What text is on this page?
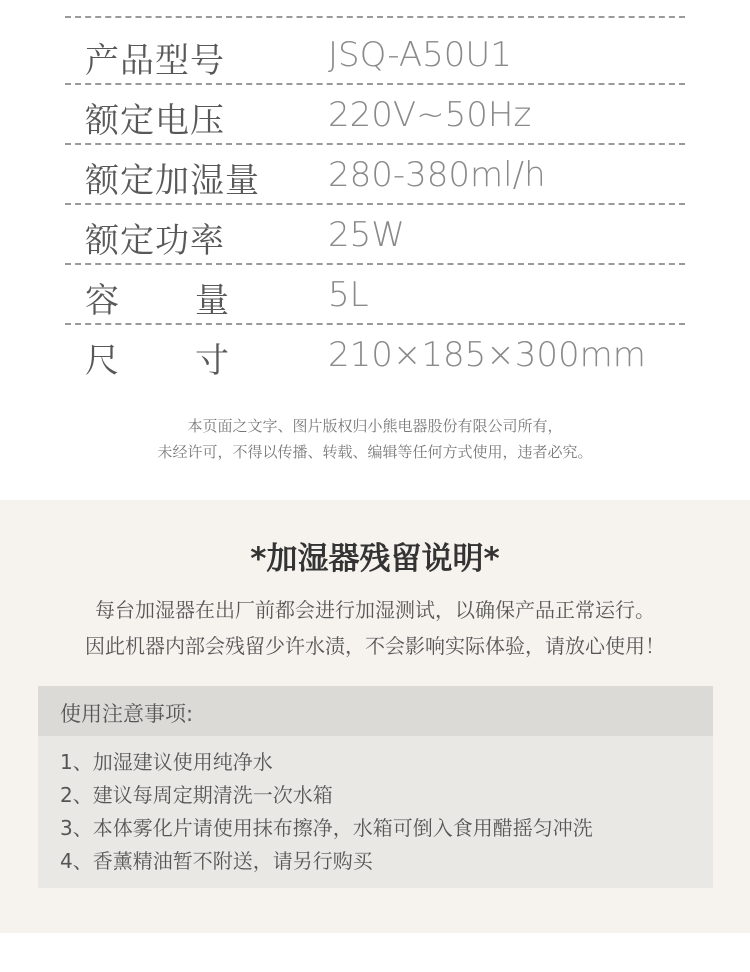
产品型号	JSQ-A50U1
额定电压	220V~50Hz
额定加湿量 280-380ml/h
额定功率	25W
容 量	5L
尺 寸	210×185×300mm
本页面之文字、图片版权归小熊电器股份有限公司所有，
未经许可，不得以传播、转载、编辑等任何方式使用，违者必究。
*加湿器残留说明*
每台加湿器在出厂前都会进行加湿测试，以确保产品正常运行。
因此机器内部会残留少许水渍，不会影响实际体验，请放心使用！
使用注意事项:
1、加湿建议使用纯净水
2、建议每周定期清洗一次水箱
3、本体雾化片请使用抹布擦净，水箱可倒入食用醋摇匀冲洗
4、香薰精油暂不附送，请另行购买
